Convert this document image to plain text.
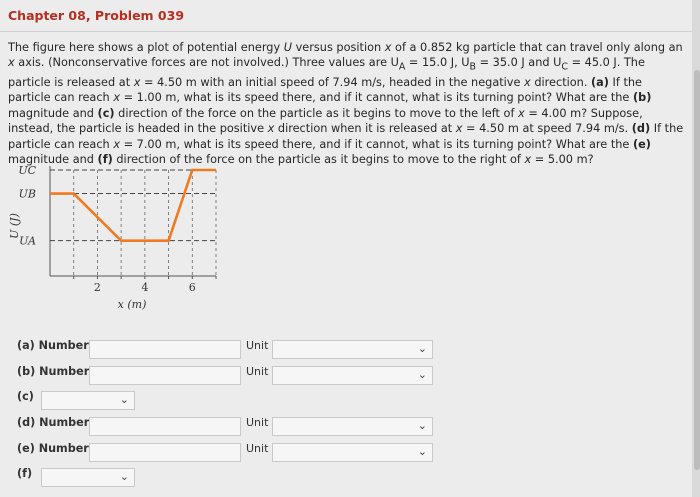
Chapter 08, Problem 039
The figure here shows a plot of potential energy U versus position x of a 0.852 kg particle that can travel only along an x axis. (Nonconservative forces are not involved.) Three values are $U_A = 15.0$ J, $U_B = 35.0$ J and $U_C = 45.0$ J. The particle is released at x = 4.50 m with an initial speed of 7.94 m/s, headed in the negative x direction. (a) If the particle can reach x = 1.00 m, what is its speed there, and if it cannot, what is its turning point? What are the (b) magnitude and (c) direction of the force on the particle as it begins to move to the left of x = 4.00 m? Suppose, instead, the particle is headed in the positive x direction when it is released at x = 4.50 m at speed 7.94 m/s. (d) If the particle can reach x = 7.00 m, what is its speed there, and if it cannot, what is its turning point? What are the (e) magnitude and (f) direction of the force on the particle as it begins to move to the right of x = 5.00 m?
U (J)
UC
UB
UA
2	4	6
x (m)
(a) Number	Unit	⌄
(b) Number	Unit	⌄
(c)	⌄
(d) Number	Unit	⌄
(e) Number	Unit	⌄
(f)	⌄
